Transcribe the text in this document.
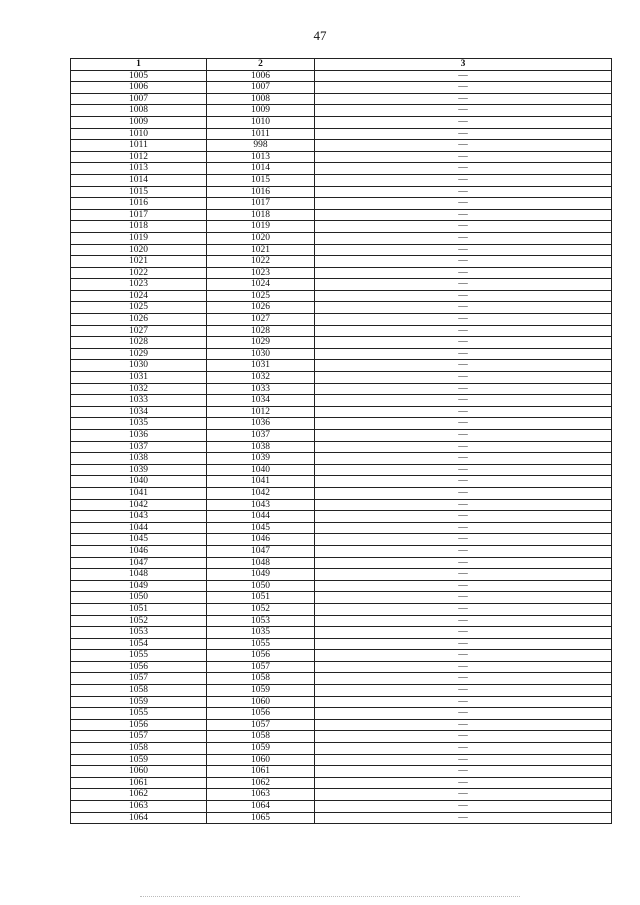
47
1	2	3
1005	1006	—
1006	1007	—
1007	1008	—
1008	1009	—
1009	1010	—
1010	1011	—
1011	998	—
1012	1013	—
1013	1014	—
1014	1015	—
1015	1016	—
1016	1017	—
1017	1018	—
1018	1019	—
1019	1020	—
1020	1021	—
1021	1022	—
1022	1023	—
1023	1024	—
1024	1025	—
1025	1026	—
1026	1027	—
1027	1028	—
1028	1029	—
1029	1030	—
1030	1031	—
1031	1032	—
1032	1033	—
1033	1034	—
1034	1012	—
1035	1036	—
1036	1037	—
1037	1038	—
1038	1039	—
1039	1040	—
1040	1041	—
1041	1042	—
1042	1043	—
1043	1044	—
1044	1045	—
1045	1046	—
1046	1047	—
1047	1048	—
1048	1049	—
1049	1050	—
1050	1051	—
1051	1052	—
1052	1053	—
1053	1035	—
1054	1055	—
1055	1056	—
1056	1057	—
1057	1058	—
1058	1059	—
1059	1060	—
1055	1056	—
1056	1057	—
1057	1058	—
1058	1059	—
1059	1060	—
1060	1061	—
1061	1062	—
1062	1063	—
1063	1064	—
1064	1065	—
